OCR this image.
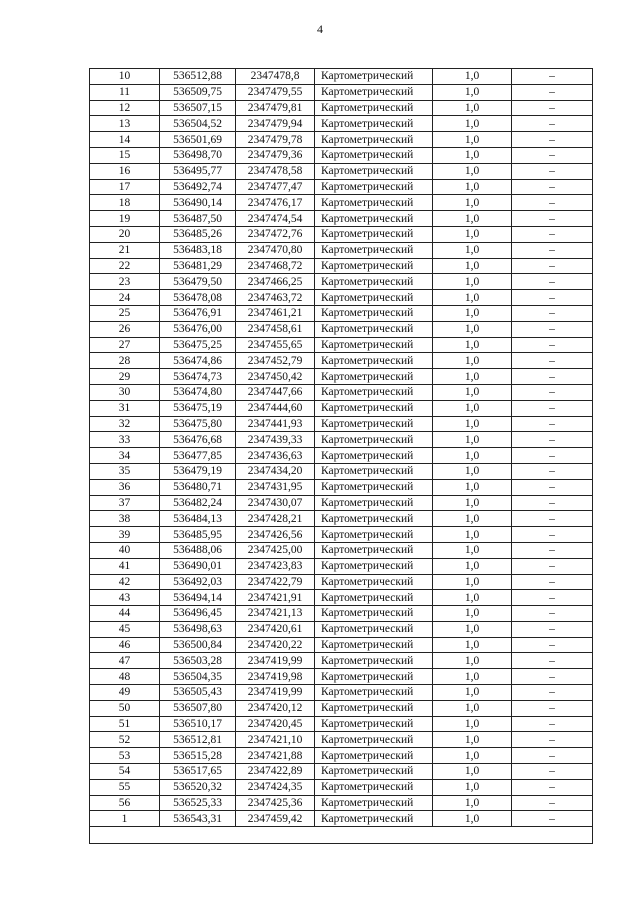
4
10	536512,88	2347478,8	Картометрический	1,0	–
11	536509,75	2347479,55	Картометрический	1,0	–
12	536507,15	2347479,81	Картометрический	1,0	–
13	536504,52	2347479,94	Картометрический	1,0	–
14	536501,69	2347479,78	Картометрический	1,0	–
15	536498,70	2347479,36	Картометрический	1,0	–
16	536495,77	2347478,58	Картометрический	1,0	–
17	536492,74	2347477,47	Картометрический	1,0	–
18	536490,14	2347476,17	Картометрический	1,0	–
19	536487,50	2347474,54	Картометрический	1,0	–
20	536485,26	2347472,76	Картометрический	1,0	–
21	536483,18	2347470,80	Картометрический	1,0	–
22	536481,29	2347468,72	Картометрический	1,0	–
23	536479,50	2347466,25	Картометрический	1,0	–
24	536478,08	2347463,72	Картометрический	1,0	–
25	536476,91	2347461,21	Картометрический	1,0	–
26	536476,00	2347458,61	Картометрический	1,0	–
27	536475,25	2347455,65	Картометрический	1,0	–
28	536474,86	2347452,79	Картометрический	1,0	–
29	536474,73	2347450,42	Картометрический	1,0	–
30	536474,80	2347447,66	Картометрический	1,0	–
31	536475,19	2347444,60	Картометрический	1,0	–
32	536475,80	2347441,93	Картометрический	1,0	–
33	536476,68	2347439,33	Картометрический	1,0	–
34	536477,85	2347436,63	Картометрический	1,0	–
35	536479,19	2347434,20	Картометрический	1,0	–
36	536480,71	2347431,95	Картометрический	1,0	–
37	536482,24	2347430,07	Картометрический	1,0	–
38	536484,13	2347428,21	Картометрический	1,0	–
39	536485,95	2347426,56	Картометрический	1,0	–
40	536488,06	2347425,00	Картометрический	1,0	–
41	536490,01	2347423,83	Картометрический	1,0	–
42	536492,03	2347422,79	Картометрический	1,0	–
43	536494,14	2347421,91	Картометрический	1,0	–
44	536496,45	2347421,13	Картометрический	1,0	–
45	536498,63	2347420,61	Картометрический	1,0	–
46	536500,84	2347420,22	Картометрический	1,0	–
47	536503,28	2347419,99	Картометрический	1,0	–
48	536504,35	2347419,98	Картометрический	1,0	–
49	536505,43	2347419,99	Картометрический	1,0	–
50	536507,80	2347420,12	Картометрический	1,0	–
51	536510,17	2347420,45	Картометрический	1,0	–
52	536512,81	2347421,10	Картометрический	1,0	–
53	536515,28	2347421,88	Картометрический	1,0	–
54	536517,65	2347422,89	Картометрический	1,0	–
55	536520,32	2347424,35	Картометрический	1,0	–
56	536525,33	2347425,36	Картометрический	1,0	–
1	536543,31	2347459,42	Картометрический	1,0	–
